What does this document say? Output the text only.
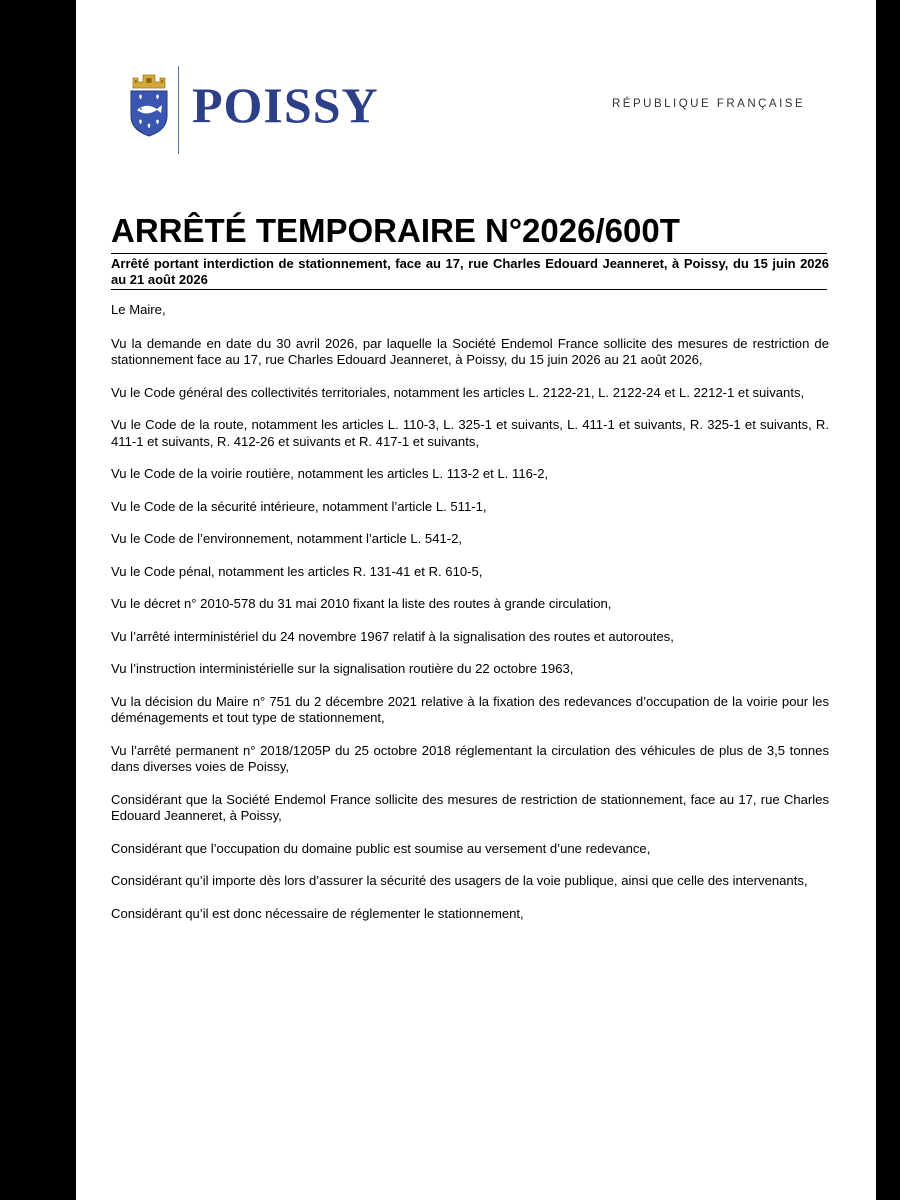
POISSY	RÉPUBLIQUE FRANÇAISE
ARRÊTÉ TEMPORAIRE N°2026/600T

Arrêté portant interdiction de stationnement, face au 17, rue Charles Edouard Jeanneret, à Poissy, du 15 juin 2026 au 21 août 2026

Le Maire,

Vu la demande en date du 30 avril 2026, par laquelle la Société Endemol France sollicite des mesures de restriction de stationnement face au 17, rue Charles Edouard Jeanneret, à Poissy, du 15 juin 2026 au 21 août 2026,

Vu le Code général des collectivités territoriales, notamment les articles L. 2122-21, L. 2122-24 et L. 2212-1 et suivants,

Vu le Code de la route, notamment les articles L. 110-3, L. 325-1 et suivants, L. 411-1 et suivants, R. 325-1 et suivants, R. 411-1 et suivants, R. 412-26 et suivants et R. 417-1 et suivants,

Vu le Code de la voirie routière, notamment les articles L. 113-2 et L. 116-2,

Vu le Code de la sécurité intérieure, notamment l’article L. 511-1,

Vu le Code de l’environnement, notamment l’article L. 541-2,

Vu le Code pénal, notamment les articles R. 131-41 et R. 610-5,

Vu le décret n° 2010-578 du 31 mai 2010 fixant la liste des routes à grande circulation,

Vu l’arrêté interministériel du 24 novembre 1967 relatif à la signalisation des routes et autoroutes,

Vu l’instruction interministérielle sur la signalisation routière du 22 octobre 1963,

Vu la décision du Maire n° 751 du 2 décembre 2021 relative à la fixation des redevances d’occupation de la voirie pour les déménagements et tout type de stationnement,

Vu l’arrêté permanent n° 2018/1205P du 25 octobre 2018 réglementant la circulation des véhicules de plus de 3,5 tonnes dans diverses voies de Poissy,

Considérant que la Société Endemol France sollicite des mesures de restriction de stationnement, face au 17, rue Charles Edouard Jeanneret, à Poissy,

Considérant que l’occupation du domaine public est soumise au versement d’une redevance,

Considérant qu’il importe dès lors d’assurer la sécurité des usagers de la voie publique, ainsi que celle des intervenants,

Considérant qu’il est donc nécessaire de réglementer le stationnement,
